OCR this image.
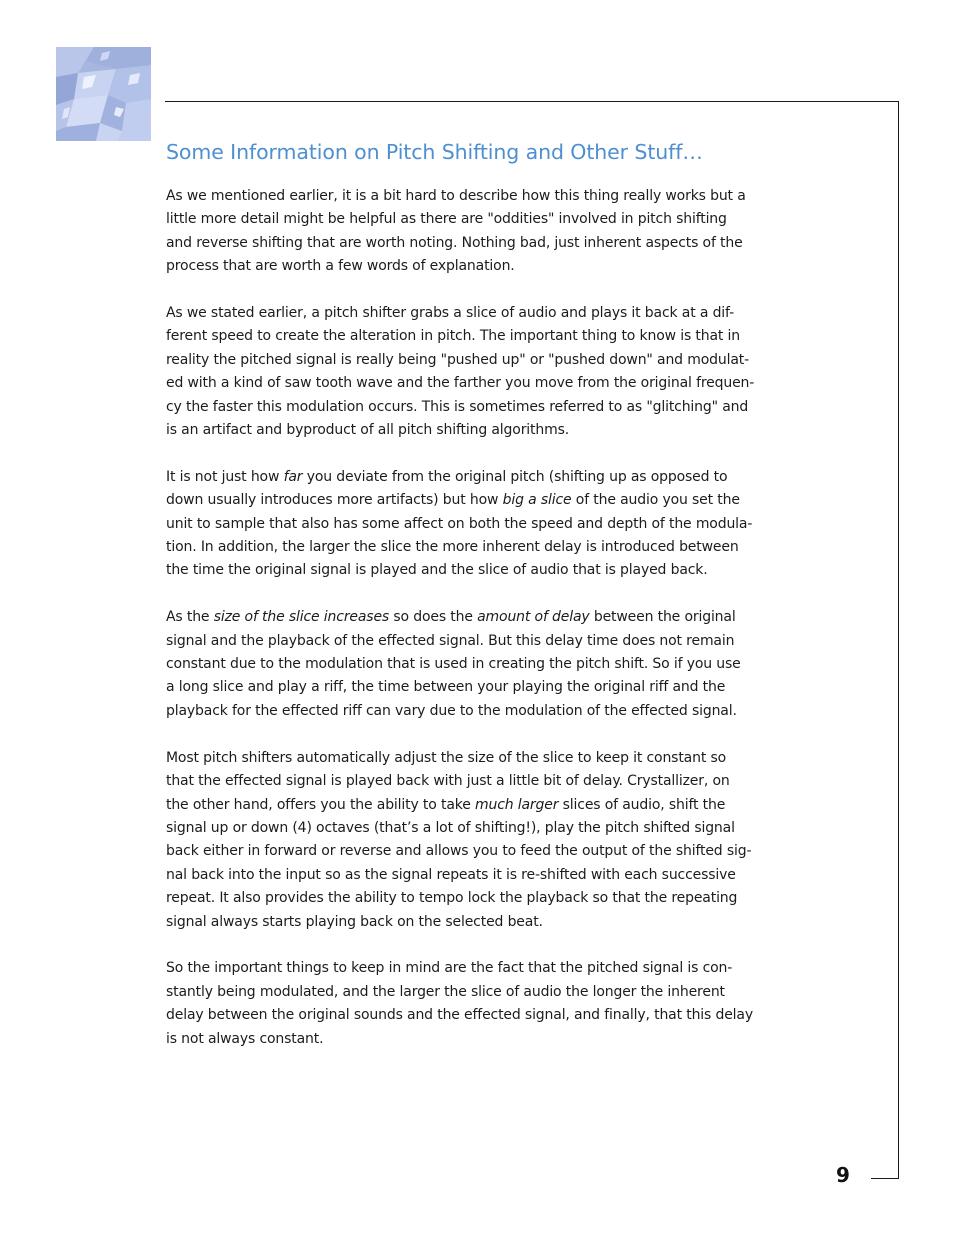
Some Information on Pitch Shifting and Other Stuff…

As we mentioned earlier, it is a bit hard to describe how this thing really works but a
little more detail might be helpful as there are "oddities" involved in pitch shifting
and reverse shifting that are worth noting. Nothing bad, just inherent aspects of the
process that are worth a few words of explanation.

As we stated earlier, a pitch shifter grabs a slice of audio and plays it back at a dif-
ferent speed to create the alteration in pitch. The important thing to know is that in
reality the pitched signal is really being "pushed up" or "pushed down" and modulat-
ed with a kind of saw tooth wave and the farther you move from the original frequen-
cy the faster this modulation occurs. This is sometimes referred to as "glitching" and
is an artifact and byproduct of all pitch shifting algorithms.

It is not just how far you deviate from the original pitch (shifting up as opposed to
down usually introduces more artifacts) but how big a slice of the audio you set the
unit to sample that also has some affect on both the speed and depth of the modula-
tion. In addition, the larger the slice the more inherent delay is introduced between
the time the original signal is played and the slice of audio that is played back.

As the size of the slice increases so does the amount of delay between the original
signal and the playback of the effected signal. But this delay time does not remain
constant due to the modulation that is used in creating the pitch shift. So if you use
a long slice and play a riff, the time between your playing the original riff and the
playback for the effected riff can vary due to the modulation of the effected signal.

Most pitch shifters automatically adjust the size of the slice to keep it constant so
that the effected signal is played back with just a little bit of delay. Crystallizer, on
the other hand, offers you the ability to take much larger slices of audio, shift the
signal up or down (4) octaves (that’s a lot of shifting!), play the pitch shifted signal
back either in forward or reverse and allows you to feed the output of the shifted sig-
nal back into the input so as the signal repeats it is re-shifted with each successive
repeat. It also provides the ability to tempo lock the playback so that the repeating
signal always starts playing back on the selected beat.

So the important things to keep in mind are the fact that the pitched signal is con-
stantly being modulated, and the larger the slice of audio the longer the inherent
delay between the original sounds and the effected signal, and finally, that this delay
is not always constant.

9
